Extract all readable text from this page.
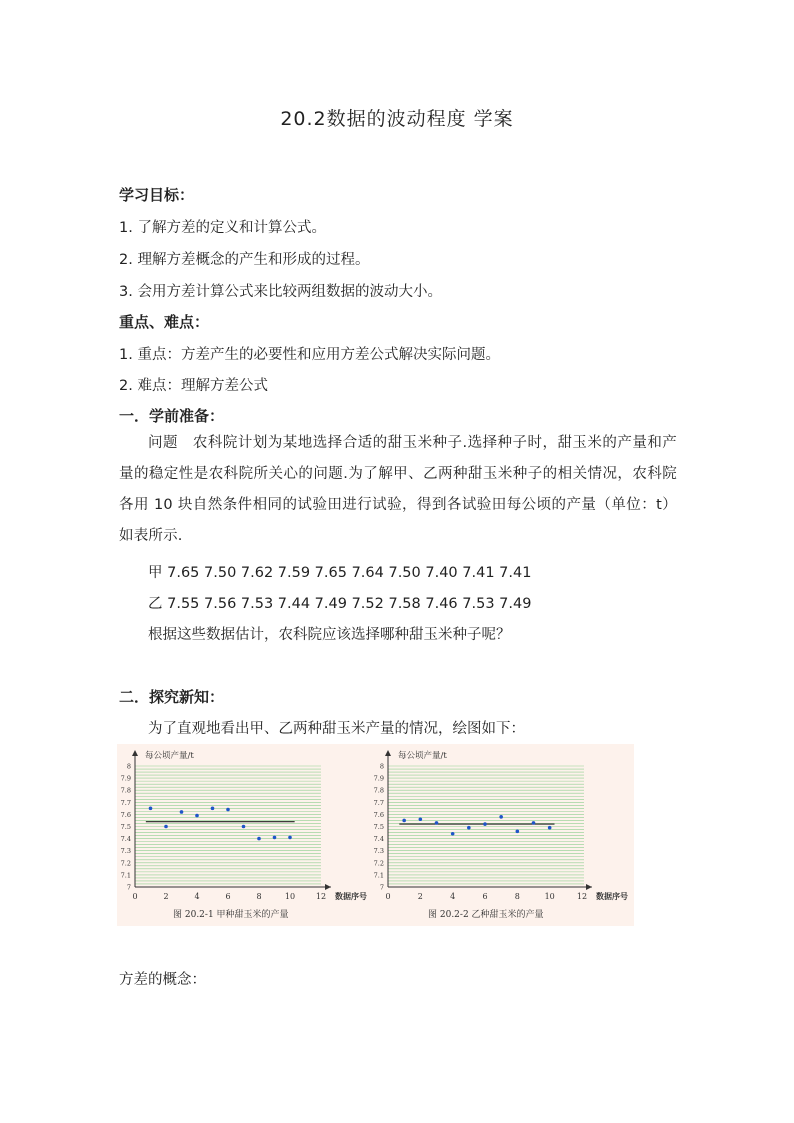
20.2数据的波动程度 学案
学习目标：
1. 了解方差的定义和计算公式。
2. 理解方差概念的产生和形成的过程。
3. 会用方差计算公式来比较两组数据的波动大小。
重点、难点：
1. 重点：方差产生的必要性和应用方差公式解决实际问题。
2. 难点：理解方差公式
一．学前准备：
问题　农科院计划为某地选择合适的甜玉米种子.选择种子时，甜玉米的产量和产量的稳定性是农科院所关心的问题.为了解甲、乙两种甜玉米种子的相关情况，农科院各用 10 块自然条件相同的试验田进行试验，得到各试验田每公顷的产量（单位：t）如表所示.
甲 7.65 7.50 7.62 7.59 7.65 7.64 7.50 7.40 7.41 7.41
乙 7.55 7.56 7.53 7.44 7.49 7.52 7.58 7.46 7.53 7.49
根据这些数据估计，农科院应该选择哪种甜玉米种子呢？
二．探究新知：
为了直观地看出甲、乙两种甜玉米产量的情况，绘图如下：
7
7.1
7.2
7.3
7.4
7.5
7.6
7.7
7.8
7.9
8
0	2	4	6	8	10	12
每公顷产量/t
数据序号
图 20.2-1 甲种甜玉米的产量
7
7.1
7.2
7.3
7.4
7.5
7.6
7.7
7.8
7.9
8
0	2	4	6	8	10	12
每公顷产量/t
数据序号
图 20.2-2 乙种甜玉米的产量
方差的概念：
